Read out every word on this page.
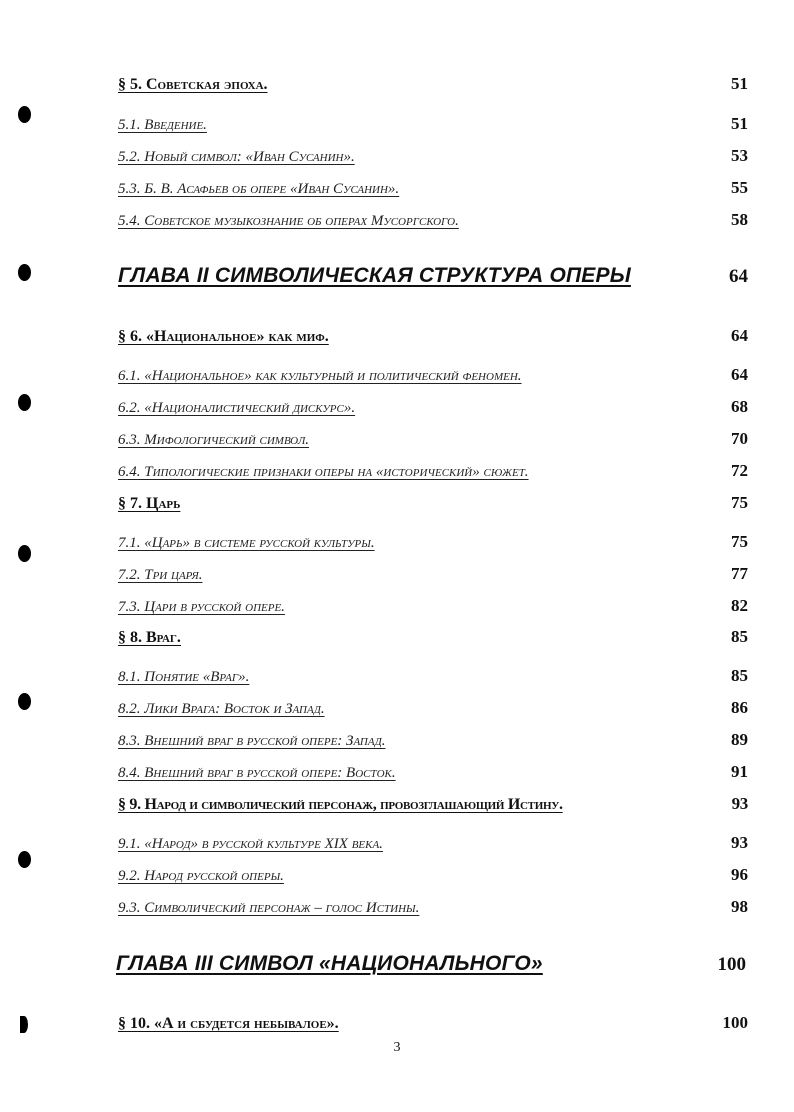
§ 5. Советская эпоха.	51
5.1. Введение.	51
5.2. Новый символ: «Иван Сусанин».	53
5.3. Б. В. Асафьев об опере «Иван Сусанин».	55
5.4. Советское музыкознание об операх Мусоргского.	58
ГЛАВА II СИМВОЛИЧЕСКАЯ СТРУКТУРА ОПЕРЫ	64
§ 6. «Национальное» как миф.	64
6.1. «Национальное» как культурный и политический феномен.	64
6.2. «Националистический дискурс».	68
6.3. Мифологический символ.	70
6.4. Типологические признаки оперы на «исторический» сюжет.	72
§ 7. Царь	75
7.1. «Царь» в системе русской культуры.	75
7.2. Три царя.	77
7.3. Цари в русской опере.	82
§ 8. Враг.	85
8.1. Понятие «Враг».	85
8.2. Лики Врага: Восток и Запад.	86
8.3. Внешний враг в русской опере: Запад.	89
8.4. Внешний враг в русской опере: Восток.	91
§ 9. Народ и символический персонаж, провозглашающий Истину.	93
9.1. «Народ» в русской культуре XIX века.	93
9.2. Народ русской оперы.	96
9.3. Символический персонаж – голос Истины.	98
ГЛАВА III СИМВОЛ «НАЦИОНАЛЬНОГО»	100
§ 10. «А и сбудется небывалое».	100
3
